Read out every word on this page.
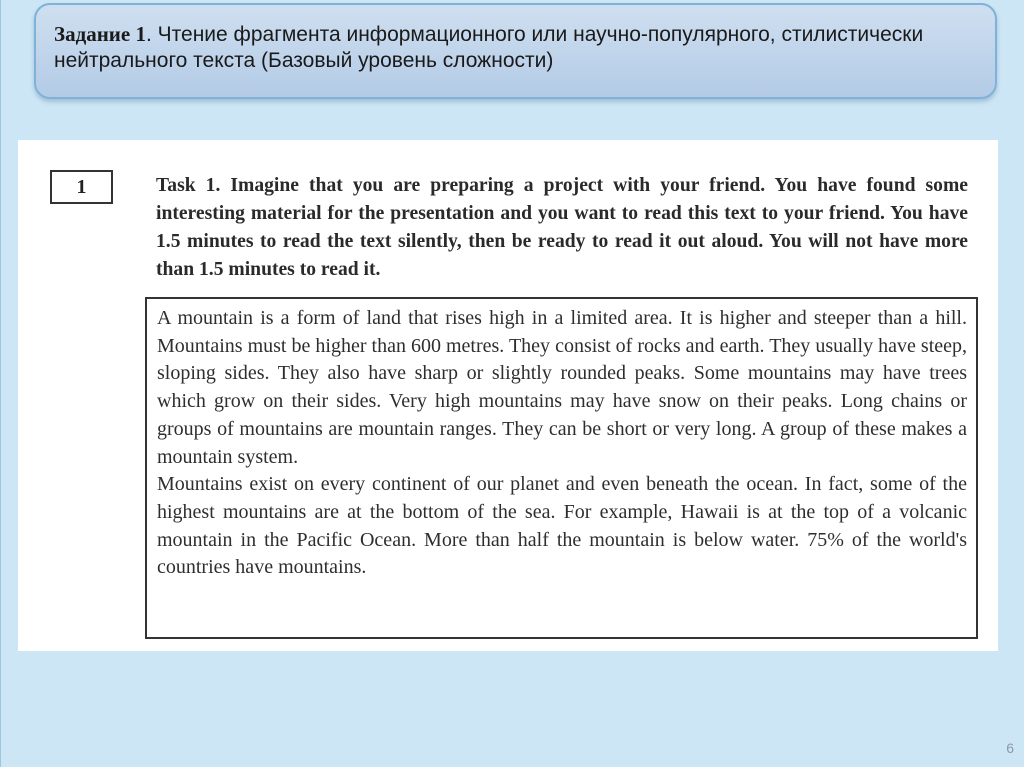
Задание 1. Чтение фрагмента информационного или научно-популярного, стилистически нейтрального текста (Базовый уровень сложности)
1	Task 1. Imagine that you are preparing a project with your friend. You have found some interesting material for the presentation and you want to read this text to your friend. You have 1.5 minutes to read the text silently, then be ready to read it out aloud. You will not have more than 1.5 minutes to read it.

A mountain is a form of land that rises high in a limited area. It is higher and steeper than a hill. Mountains must be higher than 600 metres. They consist of rocks and earth. They usually have steep, sloping sides. They also have sharp or slightly rounded peaks. Some mountains may have trees which grow on their sides. Very high mountains may have snow on their peaks. Long chains or groups of mountains are mountain ranges. They can be short or very long. A group of these makes a mountain system.

Mountains exist on every continent of our planet and even beneath the ocean. In fact, some of the highest mountains are at the bottom of the sea. For example, Hawaii is at the top of a volcanic mountain in the Pacific Ocean. More than half the mountain is below water. 75% of the world's countries have mountains.

6
